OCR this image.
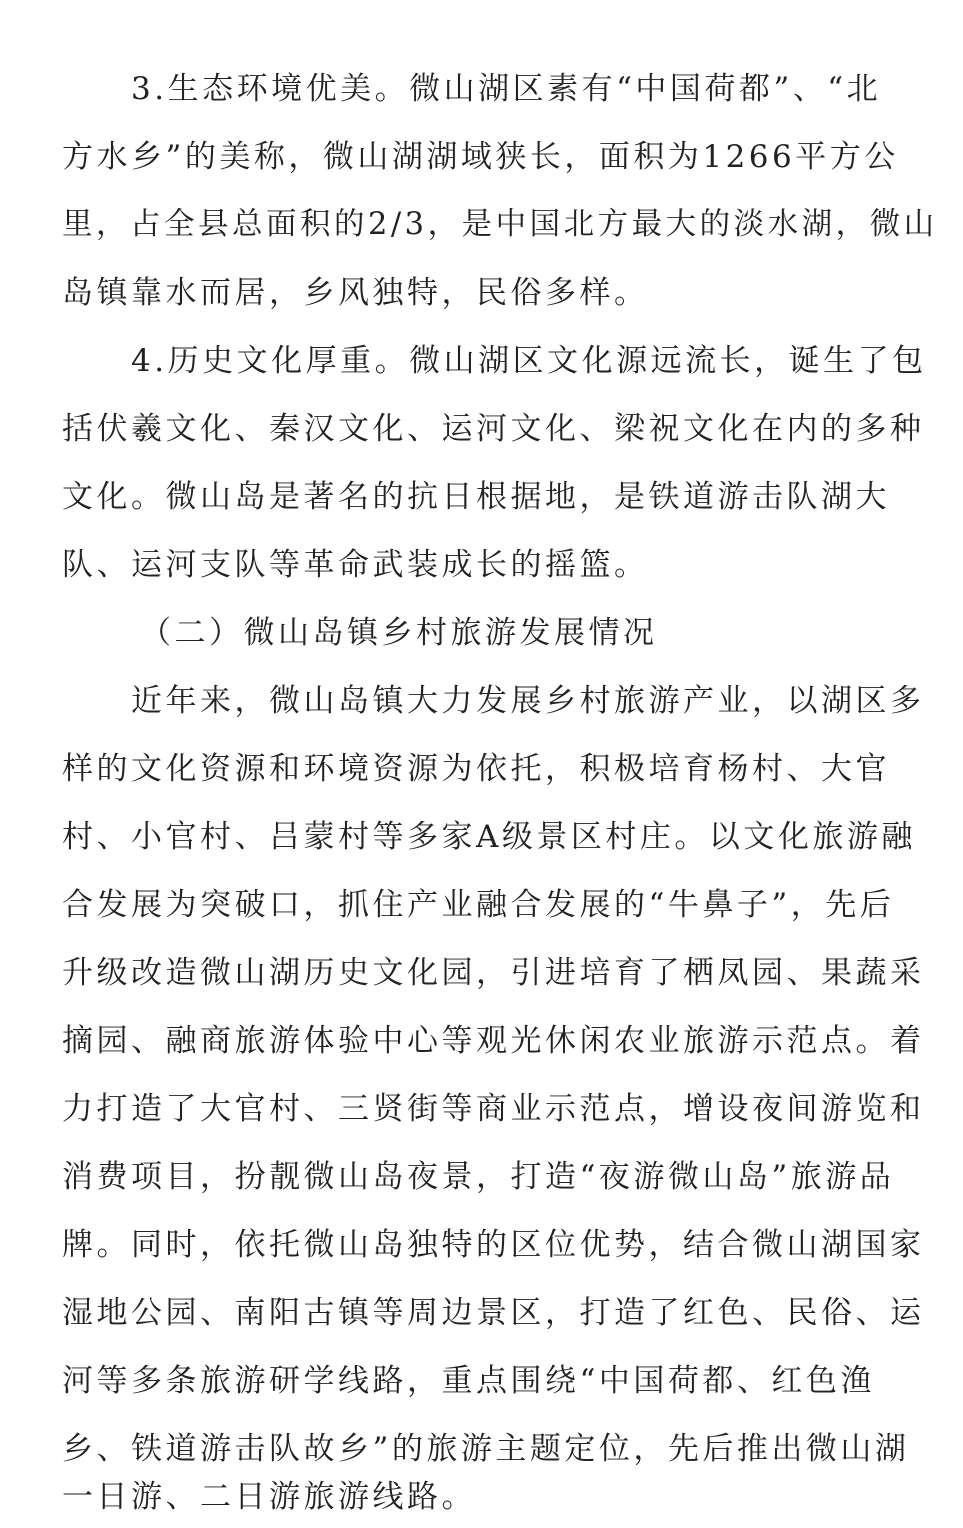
3.生态环境优美。微山湖区素有“中国荷都”、“北
方水乡”的美称，微山湖湖域狭长，面积为1266平方公
里，占全县总面积的2/3，是中国北方最大的淡水湖，微山
岛镇靠水而居，乡风独特，民俗多样。
4.历史文化厚重。微山湖区文化源远流长，诞生了包
括伏羲文化、秦汉文化、运河文化、梁祝文化在内的多种
文化。微山岛是著名的抗日根据地，是铁道游击队湖大
队、运河支队等革命武装成长的摇篮。
（二）微山岛镇乡村旅游发展情况
近年来，微山岛镇大力发展乡村旅游产业，以湖区多
样的文化资源和环境资源为依托，积极培育杨村、大官
村、小官村、吕蒙村等多家A级景区村庄。以文化旅游融
合发展为突破口，抓住产业融合发展的“牛鼻子”，先后
升级改造微山湖历史文化园，引进培育了栖凤园、果蔬采
摘园、融商旅游体验中心等观光休闲农业旅游示范点。着
力打造了大官村、三贤街等商业示范点，增设夜间游览和
消费项目，扮靓微山岛夜景，打造“夜游微山岛”旅游品
牌。同时，依托微山岛独特的区位优势，结合微山湖国家
湿地公园、南阳古镇等周边景区，打造了红色、民俗、运
河等多条旅游研学线路，重点围绕“中国荷都、红色渔
乡、铁道游击队故乡”的旅游主题定位，先后推出微山湖
一日游、二日游旅游线路。
